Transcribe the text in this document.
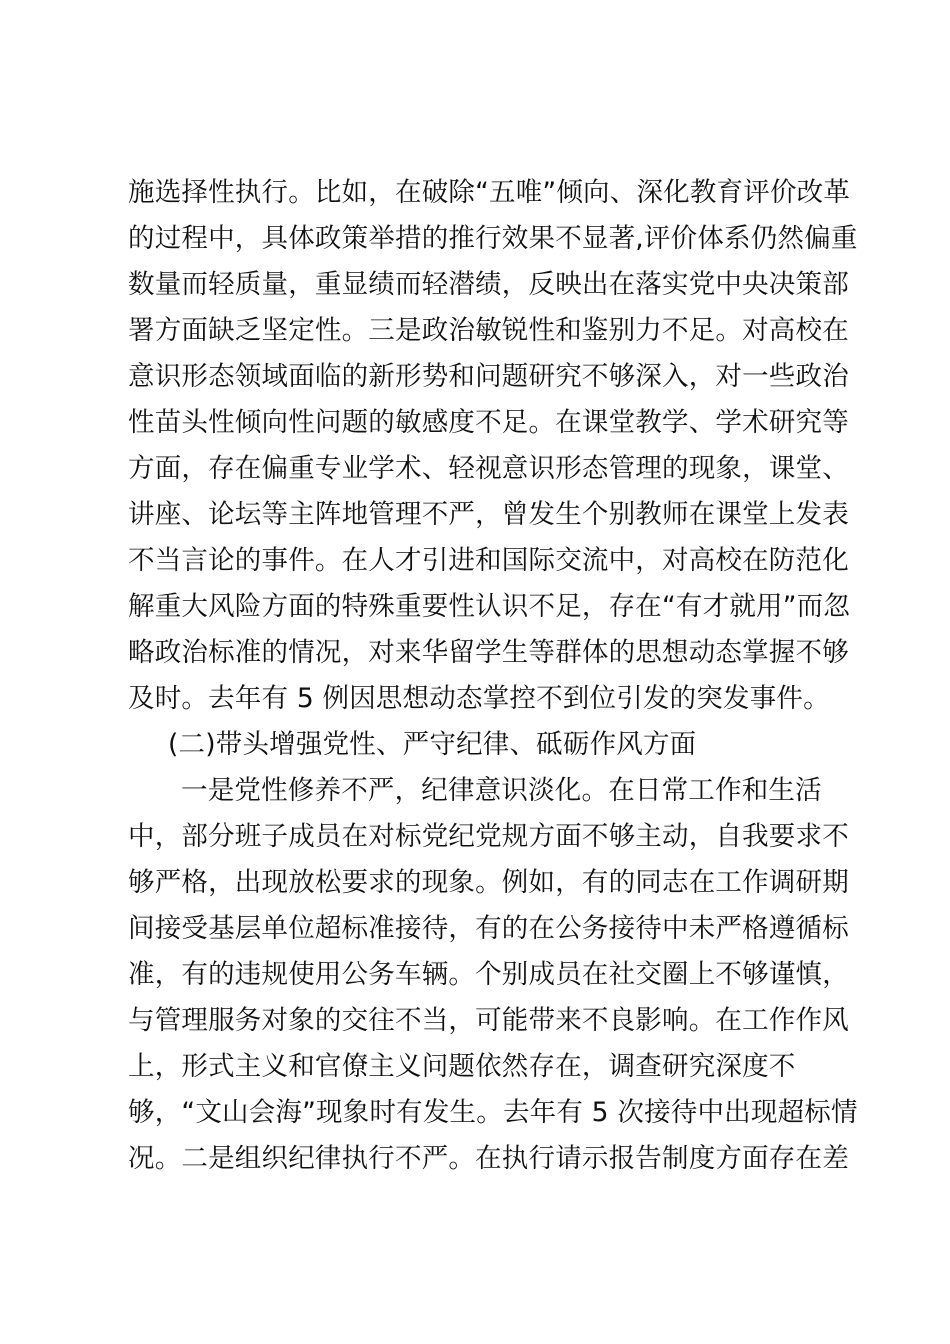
施选择性执行。比如，在破除“五唯”倾向、深化教育评价改革
的过程中，具体政策举措的推行效果不显著,评价体系仍然偏重
数量而轻质量，重显绩而轻潜绩，反映出在落实党中央决策部
署方面缺乏坚定性。三是政治敏锐性和鉴别力不足。对高校在
意识形态领域面临的新形势和问题研究不够深入，对一些政治
性苗头性倾向性问题的敏感度不足。在课堂教学、学术研究等
方面，存在偏重专业学术、轻视意识形态管理的现象，课堂、
讲座、论坛等主阵地管理不严，曾发生个别教师在课堂上发表
不当言论的事件。在人才引进和国际交流中，对高校在防范化
解重大风险方面的特殊重要性认识不足，存在“有才就用”而忽
略政治标准的情况，对来华留学生等群体的思想动态掌握不够
及时。去年有 5 例因思想动态掌控不到位引发的突发事件。
(二)带头增强党性、严守纪律、砥砺作风方面
一是党性修养不严，纪律意识淡化。在日常工作和生活
中，部分班子成员在对标党纪党规方面不够主动，自我要求不
够严格，出现放松要求的现象。例如，有的同志在工作调研期
间接受基层单位超标准接待，有的在公务接待中未严格遵循标
准，有的违规使用公务车辆。个别成员在社交圈上不够谨慎，
与管理服务对象的交往不当，可能带来不良影响。在工作作风
上，形式主义和官僚主义问题依然存在，调查研究深度不
够，“文山会海”现象时有发生。去年有 5 次接待中出现超标情
况。二是组织纪律执行不严。在执行请示报告制度方面存在差
